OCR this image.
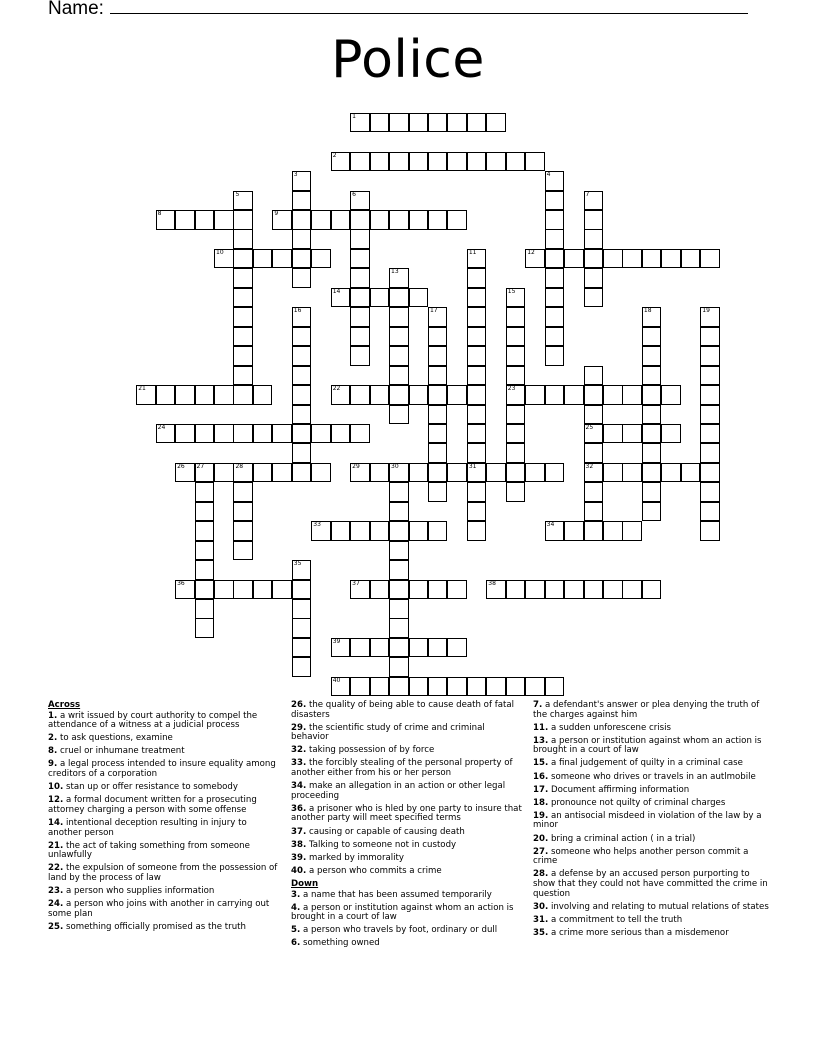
Name:
Police
1
2
3	4
5	6	7
8	9
10	11	12
13
14	15
16	17	18	19
21	22	23
24	25
26 27	28	29	30	31	32
33	34
35
36	37	38
39
40
Across
1. a writ issued by court authority to compel the attendance of a witness at a judicial process
2. to ask questions, examine
8. cruel or inhumane treatment
9. a legal process intended to insure equality among creditors of a corporation
10. stan up or offer resistance to somebody
12. a formal document written for a prosecuting attorney charging a person with some offense
14. intentional deception resulting in injury to another person
21. the act of taking something from someone unlawfully
22. the expulsion of someone from the possession of land by the process of law
23. a person who supplies information
24. a person who joins with another in carrying out some plan
25. something officially promised as the truth
26. the quality of being able to cause death of fatal disasters
29. the scientific study of crime and criminal behavior
32. taking possession of by force
33. the forcibly stealing of the personal property of another either from his or her person
34. make an allegation in an action or other legal proceeding
36. a prisoner who is hled by one party to insure that another party will meet specified terms
37. causing or capable of causing death
38. Talking to someone not in custody
39. marked by immorality
40. a person who commits a crime
Down
3. a name that has been assumed temporarily
4. a person or institution against whom an action is brought in a court of law
5. a person who travels by foot, ordinary or dull
6. something owned
7. a defendant's answer or plea denying the truth of the charges against him
11. a sudden unforescene crisis
13. a person or institution against whom an action is brought in a court of law
15. a final judgement of quilty in a criminal case
16. someone who drives or travels in an autlmobile
17. Document affirming information
18. pronounce not quilty of criminal charges
19. an antisocial misdeed in violation of the law by a minor
20. bring a criminal action ( in a trial)
27. someone who helps another person commit a crime
28. a defense by an accused person purporting to show that they could not have committed the crime in question
30. involving and relating to mutual relations of states
31. a commitment to tell the truth
35. a crime more serious than a misdemenor
